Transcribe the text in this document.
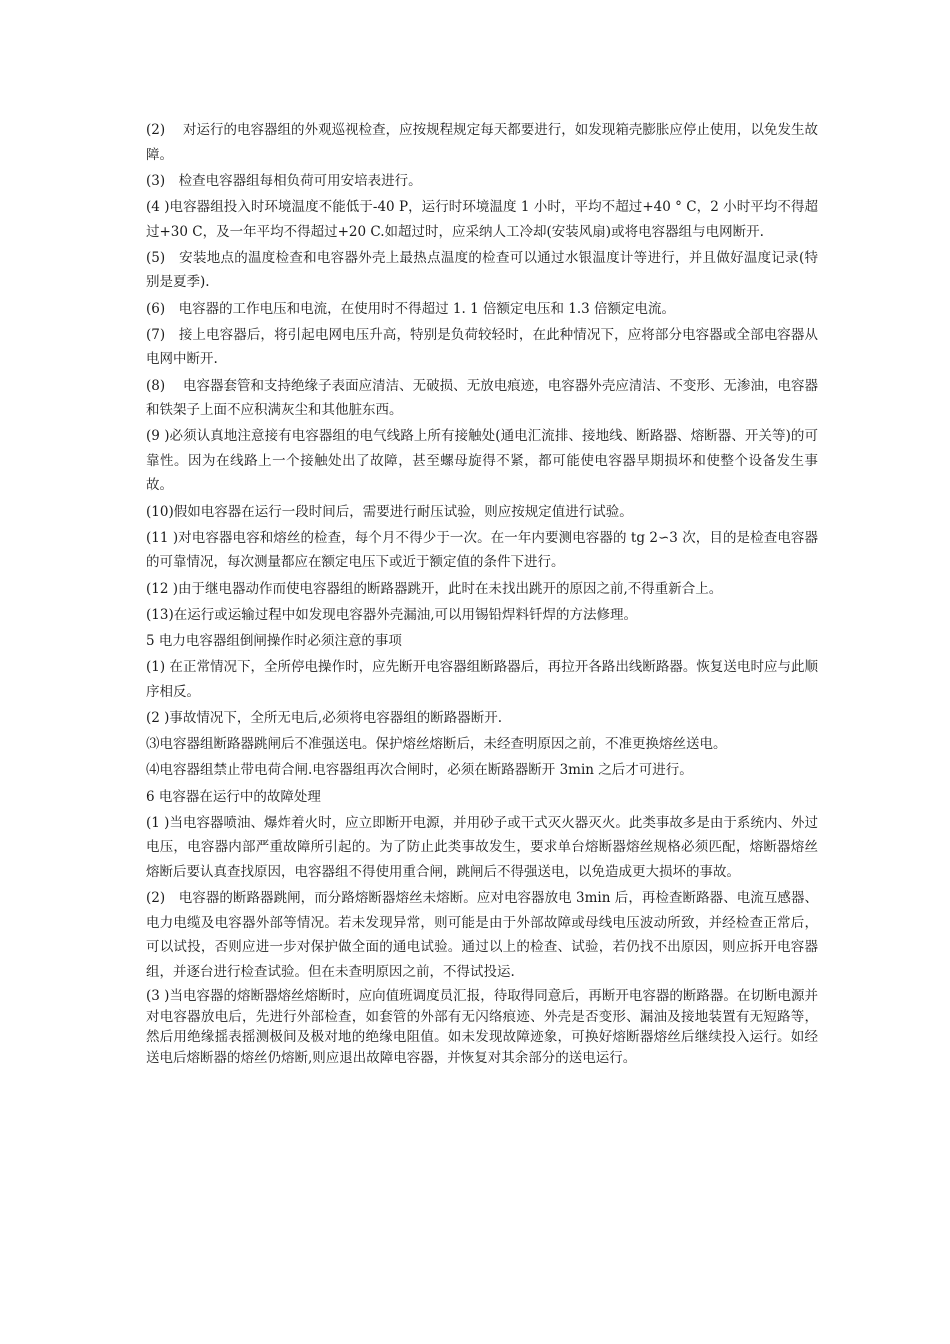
(2)　 对运行的电容器组的外观巡视检查，应按规程规定每天都要进行，如发现箱壳膨胀应停止使用，以免发生故障。

(3)　检查电容器组每相负荷可用安培表进行。

(4 )电容器组投入时环境温度不能低于-40 P，运行时环境温度 1 小时，平均不超过+40 ° C，2 小时平均不得超过+30 C，及一年平均不得超过+20 C.如超过时，应采纳人工冷却(安装风扇)或将电容器组与电网断开.

(5)　安装地点的温度检查和电容器外壳上最热点温度的检查可以通过水银温度计等进行，并且做好温度记录(特别是夏季).

(6)　电容器的工作电压和电流，在使用时不得超过 1. 1 倍额定电压和 1.3 倍额定电流。

(7)　接上电容器后，将引起电网电压升高，特别是负荷较轻时，在此种情况下，应将部分电容器或全部电容器从电网中断开.

(8)　 电容器套管和支持绝缘子表面应清洁、无破损、无放电痕迹，电容器外壳应清洁、不变形、无渗油，电容器和铁架子上面不应积满灰尘和其他脏东西。

(9 )必须认真地注意接有电容器组的电气线路上所有接触处(通电汇流排、接地线、断路器、熔断器、开关等)的可靠性。因为在线路上一个接触处出了故障，甚至螺母旋得不紧，都可能使电容器早期损坏和使整个设备发生事故。

(10)假如电容器在运行一段时间后，需要进行耐压试验，则应按规定值进行试验。

(11 )对电容器电容和熔丝的检查，每个月不得少于一次。在一年内要测电容器的 tg 2∽3 次，目的是检查电容器的可靠情况，每次测量都应在额定电压下或近于额定值的条件下进行。

(12 )由于继电器动作而使电容器组的断路器跳开，此时在未找出跳开的原因之前,不得重新合上。

(13)在运行或运输过程中如发现电容器外壳漏油,可以用锡铅焊料钎焊的方法修理。

5 电力电容器组倒闸操作时必须注意的事项

(1) 在正常情况下，全所停电操作时，应先断开电容器组断路器后，再拉开各路出线断路器。恢复送电时应与此顺序相反。

(2 )事故情况下，全所无电后,必须将电容器组的断路器断开.

⑶电容器组断路器跳闸后不准强送电。保护熔丝熔断后，未经查明原因之前，不准更换熔丝送电。

⑷电容器组禁止带电荷合闸.电容器组再次合闸时，必须在断路器断开 3min 之后才可进行。

6 电容器在运行中的故障处理

(1 )当电容器喷油、爆炸着火时，应立即断开电源，并用砂子或干式灭火器灭火。此类事故多是由于系统内、外过电压，电容器内部严重故障所引起的。为了防止此类事故发生，要求单台熔断器熔丝规格必须匹配，熔断器熔丝熔断后要认真查找原因，电容器组不得使用重合闸，跳闸后不得强送电，以免造成更大损坏的事故。

(2)　电容器的断路器跳闸，而分路熔断器熔丝未熔断。应对电容器放电 3min 后，再检查断路器、电流互感器、电力电缆及电容器外部等情况。若未发现异常，则可能是由于外部故障或母线电压波动所致，并经检查正常后，可以试投，否则应进一步对保护做全面的通电试验。通过以上的检查、试验，若仍找不出原因，则应拆开电容器组，并逐台进行检查试验。但在未查明原因之前，不得试投运.

(3 )当电容器的熔断器熔丝熔断时，应向值班调度员汇报，待取得同意后，再断开电容器的断路器。在切断电源并对电容器放电后，先进行外部检查，如套管的外部有无闪络痕迹、外壳是否变形、漏油及接地装置有无短路等，然后用绝缘摇表摇测极间及极对地的绝缘电阻值。如未发现故障迹象，可换好熔断器熔丝后继续投入运行。如经送电后熔断器的熔丝仍熔断,则应退出故障电容器，并恢复对其余部分的送电运行。
